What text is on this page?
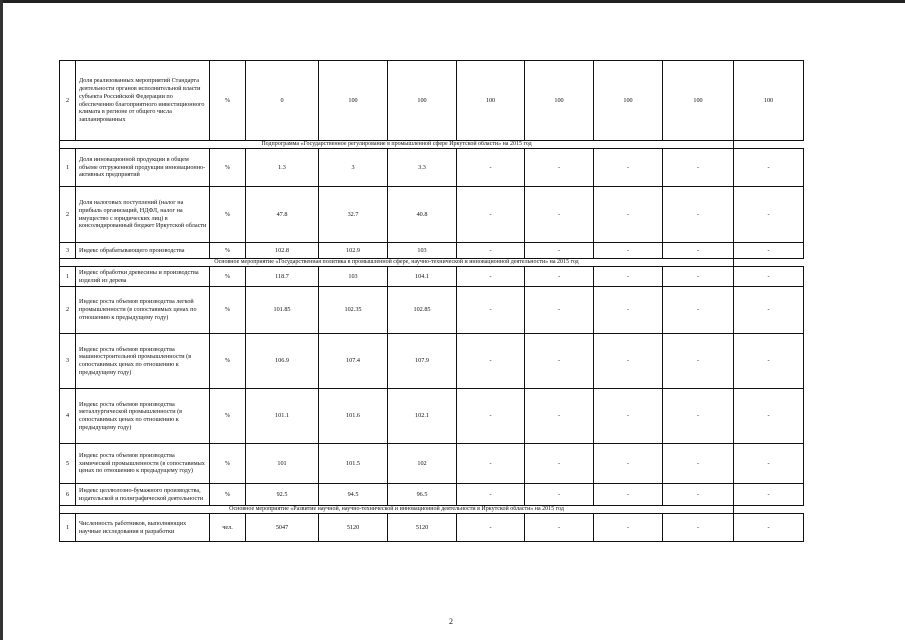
2	Доля реализованных мероприятий Стандарта деятельности органов исполнительной власти субъекта Российской Федерации по обеспечению благоприятного инвестиционного климата в регионе от общего числа запланированных	%	0	100	100	100	100	100	100	100
Подпрограмма «Государственное регулирование в промышленной сфере Иркутской области» на 2015 год										
1	Доля инновационной продукции в общем объеме отгруженной продукции инновационно-активных предприятий	%	1.3	3	3.3	-	-	-	-	-
2	Доля налоговых поступлений (налог на прибыль организаций, НДФЛ, налог на имущество с юридических лиц) в консолидированный бюджет Иркутской области	%	47.8	32.7	40.8	-	-	-	-	-
3	Индекс обрабатывающего производства	%	102.8	102.9	103	-	-	-	-	-
Основное мероприятие «Государственная политика в промышленной сфере, научно-технической и инновационной деятельности» на 2015 год										
1	Индекс обработки древесины и производства изделий из дерева	%	118.7	103	104.1	-	-	-	-	-
2	Индекс роста объемов производства легкой промышленности (в сопоставимых ценах по отношению к предыдущему году)	%	101.85	102.35	102.85	-	-	-	-	-
3	Индекс роста объемов производства машиностроительной промышленности (в сопоставимых ценах по отношению к предыдущему году)	%	106.9	107.4	107.9	-	-	-	-	-
4	Индекс роста объемов производства металлургической промышленности (в сопоставимых ценах по отношению к предыдущему году)	%	101.1	101.6	102.1	-	-	-	-	-
5	Индекс роста объемов производства химической промышленности (в сопоставимых ценах по отношению к предыдущему году)	%	101	101.5	102	-	-	-	-	-
6	Индекс целлюлозно-бумажного производства, издательской и полиграфической деятельности	%	92.5	94.5	96.5	-	-	-	-	-
Основное мероприятие «Развитие научной, научно-технической и инновационной деятельности в Иркутской области» на 2015 год										
1	Численность работников, выполняющих научные исследования и разработки	чел.	5047	5120	5120	-	-	-	-	-
2
